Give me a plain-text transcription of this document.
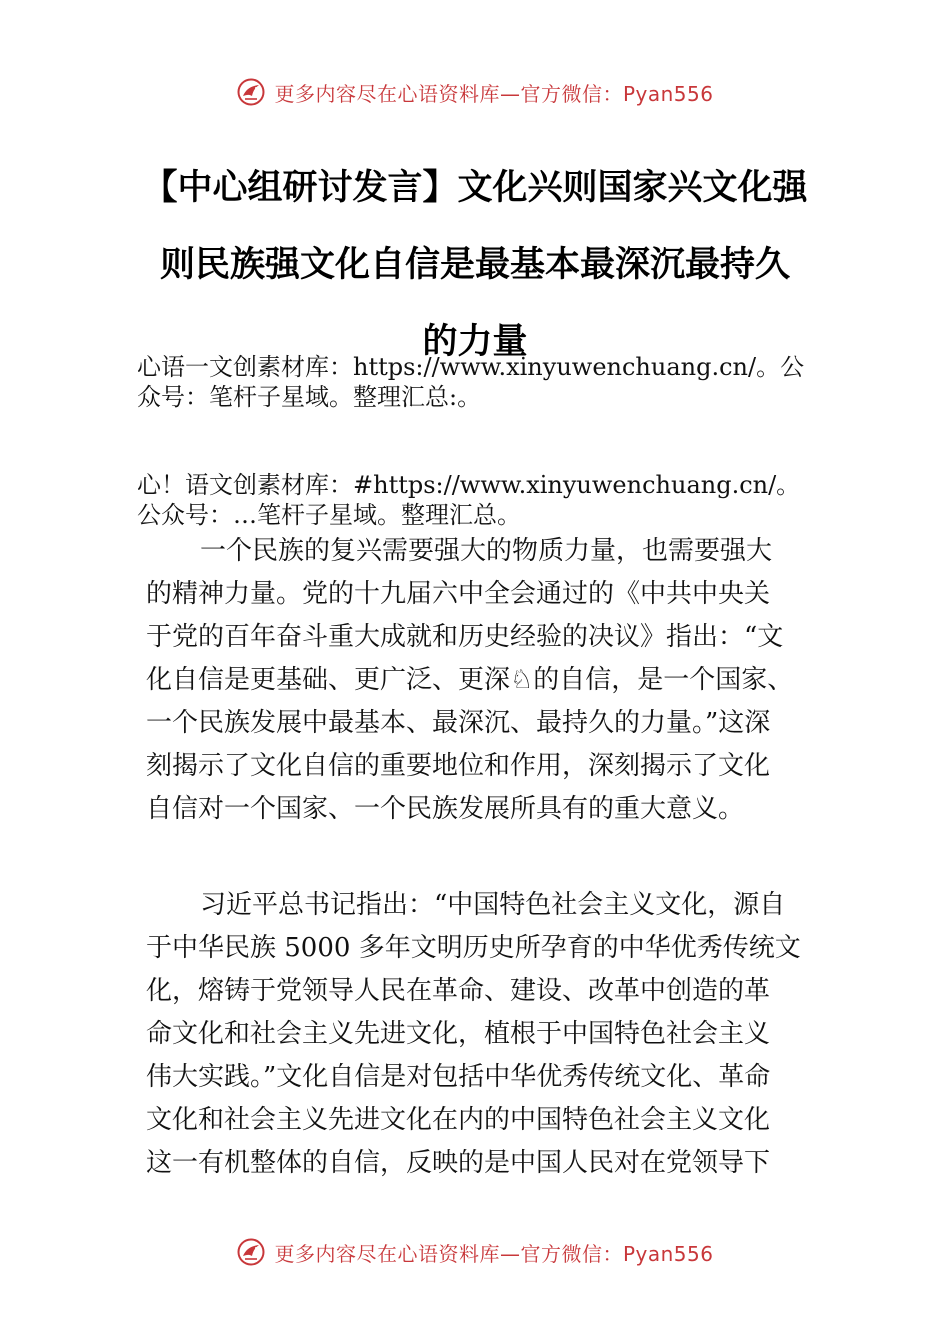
更多内容尽在心语资料库—官方微信：Pyan556
【中心组研讨发言】文化兴则国家兴文化强
则民族强文化自信是最基本最深沉最持久
的力量

心语一文创素材库：https://www.xinyuwenchuang.cn/。公
众号：笔杆子星域。整理汇总:。

心！语文创素材库：#https://www.xinyuwenchuang.cn/。
公众号：…笔杆子星域。整理汇总。

一个民族的复兴需要强大的物质力量，也需要强大
的精神力量。党的十九届六中全会通过的《中共中央关
于党的百年奋斗重大成就和历史经验的决议》指出：“文
化自信是更基础、更广泛、更深♘的自信，是一个国家、
一个民族发展中最基本、最深沉、最持久的力量。”这深
刻揭示了文化自信的重要地位和作用，深刻揭示了文化
自信对一个国家、一个民族发展所具有的重大意义。

习近平总书记指出：“中国特色社会主义文化，源自
于中华民族 5000 多年文明历史所孕育的中华优秀传统文
化，熔铸于党领导人民在革命、建设、改革中创造的革
命文化和社会主义先进文化，植根于中国特色社会主义
伟大实践。”文化自信是对包括中华优秀传统文化、革命
文化和社会主义先进文化在内的中国特色社会主义文化
这一有机整体的自信，反映的是中国人民对在党领导下

更多内容尽在心语资料库—官方微信：Pyan556
